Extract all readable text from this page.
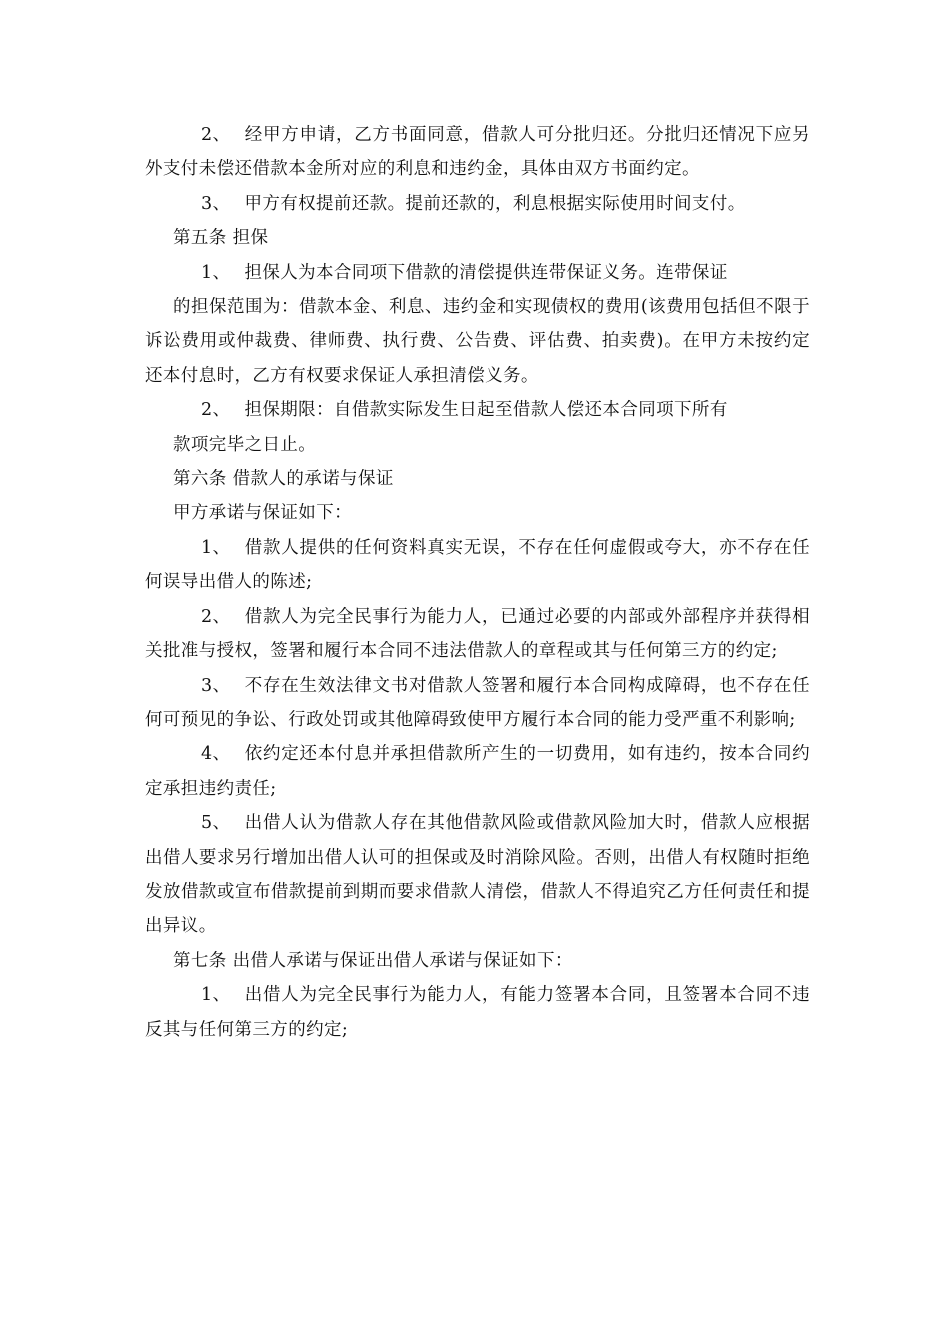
2、 经甲方申请，乙方书面同意，借款人可分批归还。分批归还情况下应另外支付未偿还借款本金所对应的利息和违约金，具体由双方书面约定。

3、 甲方有权提前还款。提前还款的，利息根据实际使用时间支付。

第五条 担保

1、 担保人为本合同项下借款的清偿提供连带保证义务。连带保证

的担保范围为：借款本金、利息、违约金和实现债权的费用(该费用包括但不限于诉讼费用或仲裁费、律师费、执行费、公告费、评估费、拍卖费)。在甲方未按约定还本付息时，乙方有权要求保证人承担清偿义务。

2、 担保期限：自借款实际发生日起至借款人偿还本合同项下所有

款项完毕之日止。

第六条 借款人的承诺与保证

甲方承诺与保证如下：

1、 借款人提供的任何资料真实无误，不存在任何虚假或夸大，亦不存在任何误导出借人的陈述;

2、 借款人为完全民事行为能力人，已通过必要的内部或外部程序并获得相关批准与授权，签署和履行本合同不违法借款人的章程或其与任何第三方的约定;

3、 不存在生效法律文书对借款人签署和履行本合同构成障碍，也不存在任何可预见的争讼、行政处罚或其他障碍致使甲方履行本合同的能力受严重不利影响;

4、 依约定还本付息并承担借款所产生的一切费用，如有违约，按本合同约定承担违约责任;

5、 出借人认为借款人存在其他借款风险或借款风险加大时，借款人应根据出借人要求另行增加出借人认可的担保或及时消除风险。否则，出借人有权随时拒绝发放借款或宣布借款提前到期而要求借款人清偿，借款人不得追究乙方任何责任和提出异议。

第七条 出借人承诺与保证出借人承诺与保证如下：

1、 出借人为完全民事行为能力人，有能力签署本合同，且签署本合同不违反其与任何第三方的约定;
